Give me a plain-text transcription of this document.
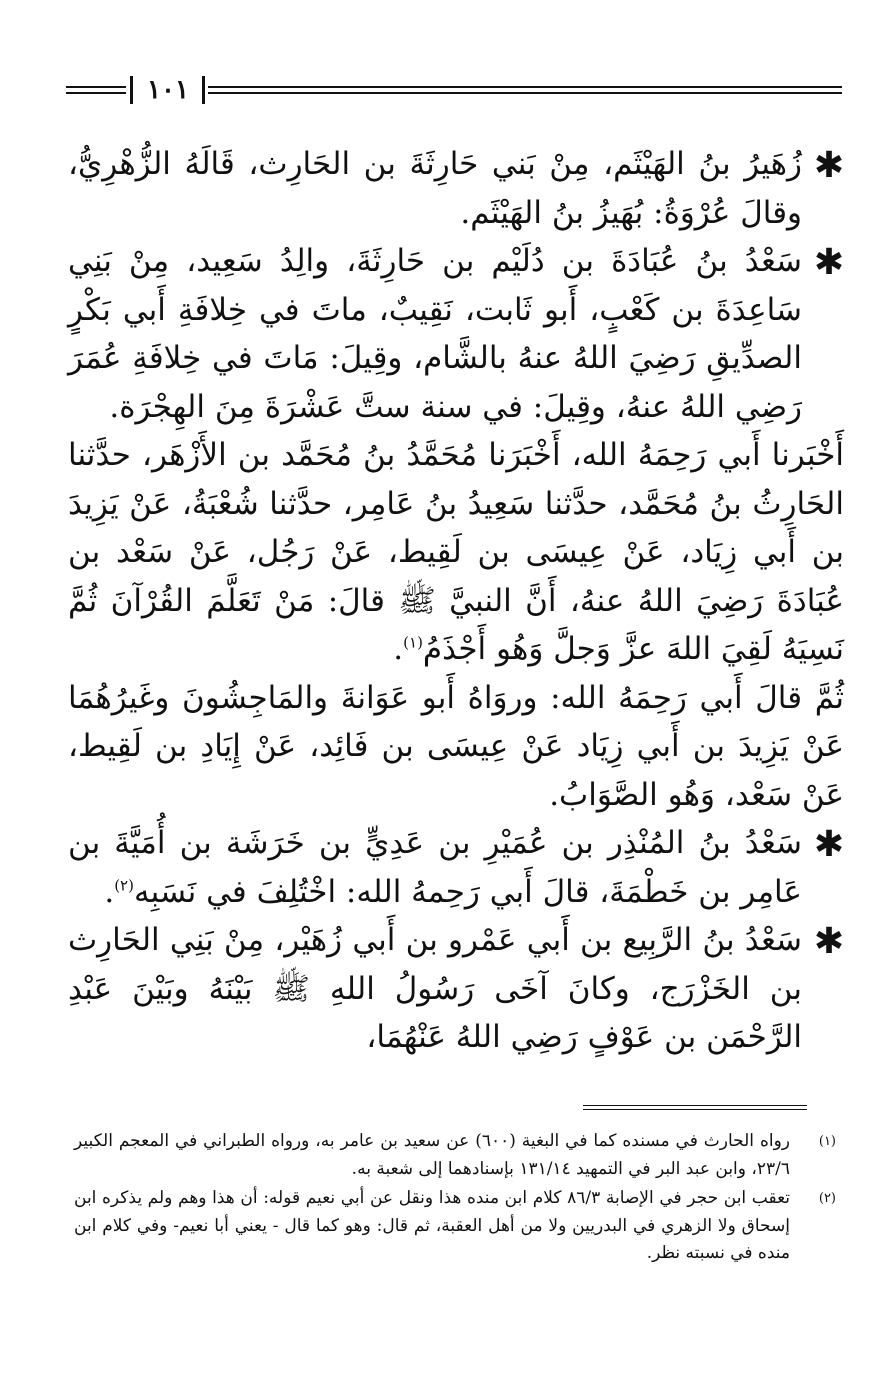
١٠١

✱
زُهَيرُ بنُ الهَيْثَم، مِنْ بَني حَارِثَةَ بن الحَارِث، قَالَهُ الزُّهْرِيُّ، وقالَ عُرْوَةُ: بُهَيزُ بنُ الهَيْثَم.

✱
سَعْدُ بنُ عُبَادَةَ بن دُلَيْم بن حَارِثَةَ، والِدُ سَعِيد، مِنْ بَنِي سَاعِدَةَ بن كَعْبٍ، أَبو ثَابت، نَقِيبٌ، ماتَ في خِلافَةِ أَبي بَكْرٍ الصدِّيقِ رَضِيَ اللهُ عنهُ بالشَّام، وقِيلَ: مَاتَ في خِلافَةِ عُمَرَ رَضِي اللهُ عنهُ، وقِيلَ: في سنة ستَّ عَشْرَةَ مِنَ الهِجْرَة.

أَخْبَرنا أَبي رَحِمَهُ الله، أَخْبَرَنا مُحَمَّدُ بنُ مُحَمَّد بن الأَزْهَر، حدَّثنا الحَارِثُ بنُ مُحَمَّد، حدَّثنا سَعِيدُ بنُ عَامِر، حدَّثنا شُعْبَةُ، عَنْ يَزِيدَ بن أَبي زِيَاد، عَنْ عِيسَى بن لَقِيط، عَنْ رَجُل، عَنْ سَعْد بن عُبَادَةَ رَضِيَ اللهُ عنهُ، أَنَّ النبيَّ ﷺ قالَ: مَنْ تَعَلَّمَ القُرْآنَ ثُمَّ نَسِيَهُ لَقِيَ اللهَ عزَّ وَجلَّ وَهُو أَجْذَمُ$^{(١)}$.

ثُمَّ قالَ أَبي رَحِمَهُ الله: وروَاهُ أَبو عَوَانةَ والمَاجِشُونَ وغَيرُهُمَا عَنْ يَزِيدَ بن أَبي زِيَاد عَنْ عِيسَى بن فَائِد، عَنْ إِيَادِ بن لَقِيط، عَنْ سَعْد، وَهُو الصَّوَابُ.

✱
سَعْدُ بنُ المُنْذِر بن عُمَيْرِ بن عَدِيٍّ بن خَرَشَة بن أُمَيَّةَ بن عَامِر بن خَطْمَةَ، قالَ أَبي رَحِمهُ الله: اخْتُلِفَ في نَسَبِه$^{(٢)}$.

✱
سَعْدُ بنُ الرَّبِيع بن أَبي عَمْرو بن أَبي زُهَيْر، مِنْ بَنِي الحَارِث بن الخَزْرَج، وكانَ آخَى رَسُولُ اللهِ ﷺ بَيْنَهُ وبَيْنَ عَبْدِ الرَّحْمَن بن عَوْفٍ رَضِي اللهُ عَنْهُمَا،

(١)
رواه الحارث في مسنده كما في البغية (٦٠٠) عن سعيد بن عامر به، ورواه الطبراني في المعجم الكبير ٢٣/٦، وابن عبد البر في التمهيد ١٣١/١٤ بإسنادهما إلى شعبة به.

(٢)
تعقب ابن حجر في الإصابة ٨٦/٣ كلام ابن منده هذا ونقل عن أبي نعيم قوله: أن هذا وهم ولم يذكره ابن إسحاق ولا الزهري في البدريين ولا من أهل العقبة، ثم قال: وهو كما قال - يعني أبا نعيم- وفي كلام ابن منده في نسبته نظر.
